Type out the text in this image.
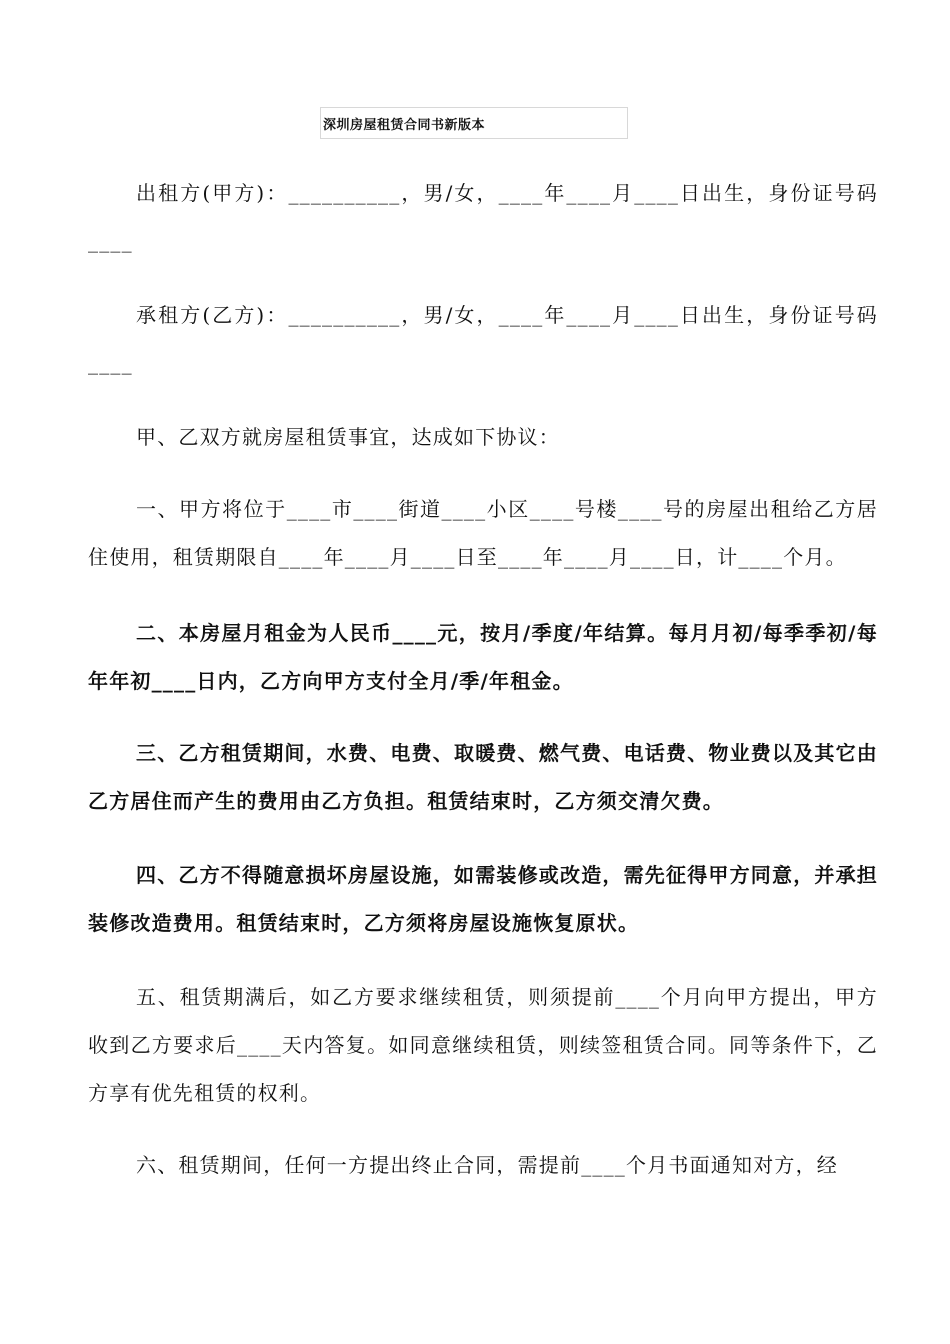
深圳房屋租赁合同书新版本

出租方(甲方)：__________，男/女，____年____月____日出生，身份证号码____

承租方(乙方)：__________，男/女，____年____月____日出生，身份证号码____

甲、乙双方就房屋租赁事宜，达成如下协议：

一、甲方将位于____市____街道____小区____号楼____号的房屋出租给乙方居住使用，租赁期限自____年____月____日至____年____月____日，计____个月。

二、本房屋月租金为人民币____元，按月/季度/年结算。每月月初/每季季初/每年年初____日内，乙方向甲方支付全月/季/年租金。

三、乙方租赁期间，水费、电费、取暖费、燃气费、电话费、物业费以及其它由乙方居住而产生的费用由乙方负担。租赁结束时，乙方须交清欠费。

四、乙方不得随意损坏房屋设施，如需装修或改造，需先征得甲方同意，并承担装修改造费用。租赁结束时，乙方须将房屋设施恢复原状。

五、租赁期满后，如乙方要求继续租赁，则须提前____个月向甲方提出，甲方收到乙方要求后____天内答复。如同意继续租赁，则续签租赁合同。同等条件下，乙方享有优先租赁的权利。

六、租赁期间，任何一方提出终止合同，需提前____个月书面通知对方，经
